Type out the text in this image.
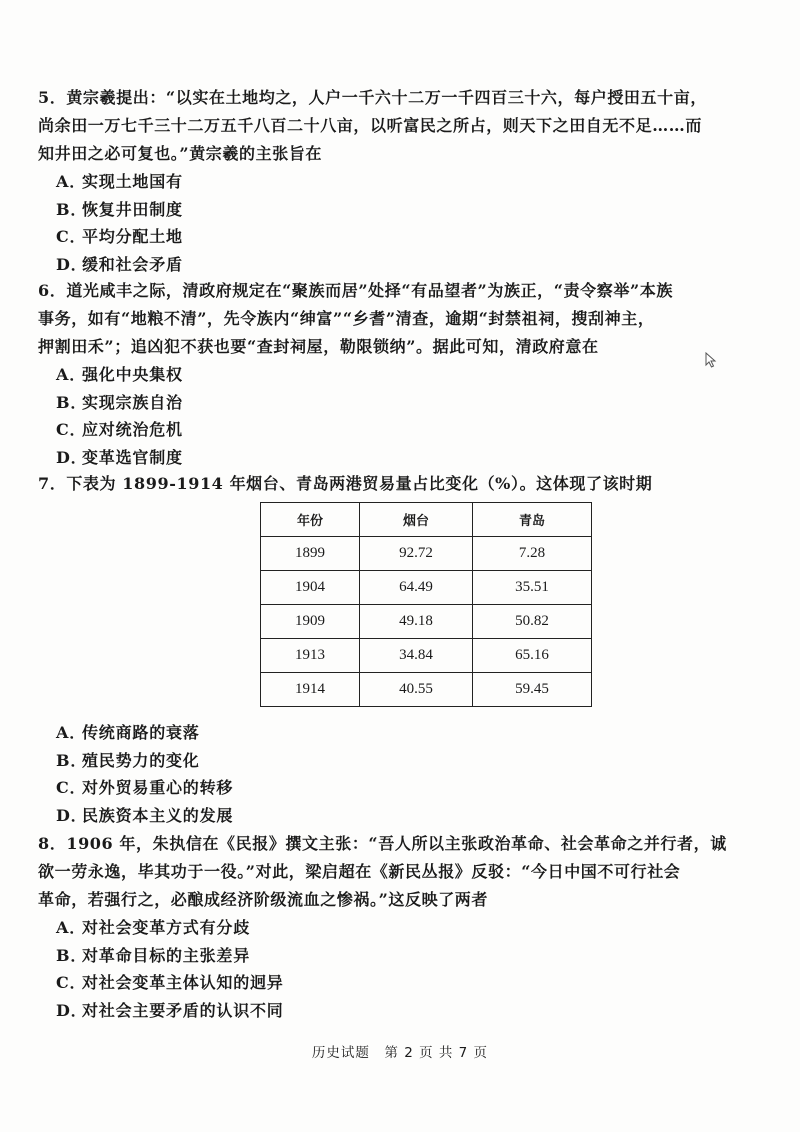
5．黄宗羲提出：“以实在土地均之，人户一千六十二万一千四百三十六，每户授田五十亩，
尚余田一万七千三十二万五千八百二十八亩，以听富民之所占，则天下之田自无不足……而
知井田之必可复也。”黄宗羲的主张旨在

A．实现土地国有
B．恢复井田制度
C．平均分配土地
D．缓和社会矛盾

6．道光咸丰之际，清政府规定在“聚族而居”处择“有品望者”为族正，“责令察举”本族
事务，如有“地粮不清”，先令族内“绅富”“乡耆”清查，逾期“封禁祖祠，搜刮神主，
押割田禾”；追凶犯不获也要“查封祠屋，勒限锁纳”。据此可知，清政府意在

A．强化中央集权
B．实现宗族自治
C．应对统治危机
D．变革选官制度

7．下表为 1899-1914 年烟台、青岛两港贸易量占比变化（%）。这体现了该时期

年份	烟台	青岛
1899	92.72	7.28
1904	64.49	35.51
1909	49.18	50.82
1913	34.84	65.16
1914	40.55	59.45
A．传统商路的衰落
B．殖民势力的变化
C．对外贸易重心的转移
D．民族资本主义的发展

8．1906 年，朱执信在《民报》撰文主张：“吾人所以主张政治革命、社会革命之并行者，诚
欲一劳永逸，毕其功于一役。”对此，梁启超在《新民丛报》反驳：“今日中国不可行社会
革命，若强行之，必酿成经济阶级流血之惨祸。”这反映了两者

A．对社会变革方式有分歧
B．对革命目标的主张差异
C．对社会变革主体认知的迥异
D．对社会主要矛盾的认识不同
历史试题　第 2 页 共 7 页
